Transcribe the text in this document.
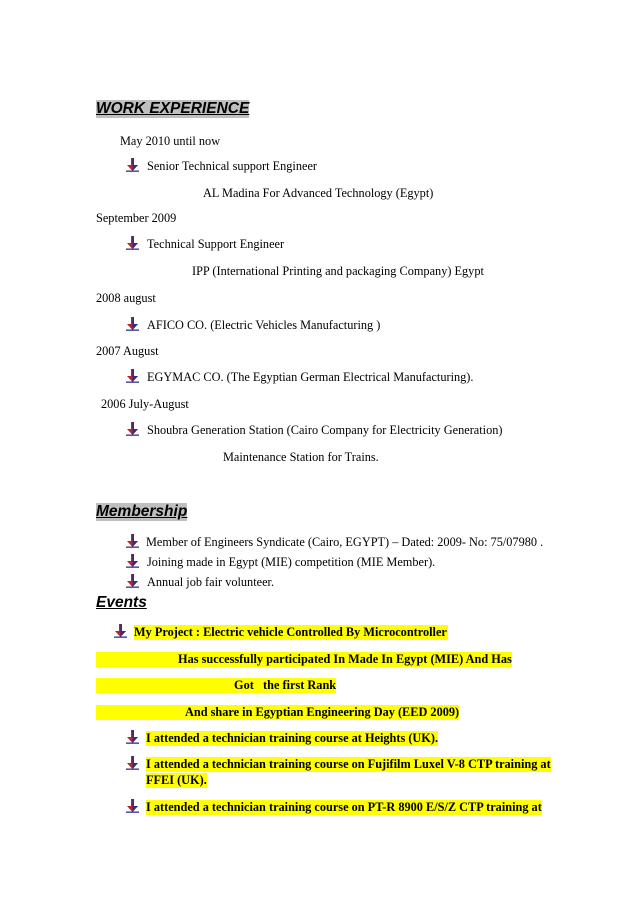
WORK EXPERIENCE
May 2010 until now
Senior Technical support Engineer
AL Madina For Advanced Technology (Egypt)
September 2009
Technical Support Engineer
IPP (International Printing and packaging Company) Egypt
2008 august
AFICO CO. (Electric Vehicles Manufacturing )
2007 August
EGYMAC CO. (The Egyptian German Electrical Manufacturing).
2006 July-August
Shoubra Generation Station (Cairo Company for Electricity Generation)
Maintenance Station for Trains.
Membership
Member of Engineers Syndicate (Cairo, EGYPT) – Dated: 2009- No: 75/07980 .
Joining made in Egypt (MIE) competition (MIE Member).
Annual job fair volunteer.
Events
My Project : Electric vehicle Controlled By Microcontroller
Has successfully participated In Made In Egypt (MIE) And Has
Got   the first Rank
And share in Egyptian Engineering Day (EED 2009)
I attended a technician training course at Heights (UK).
I attended a technician training course on Fujifilm Luxel V-8 CTP training at
FFEI (UK).
I attended a technician training course on PT-R 8900 E/S/Z CTP training at
